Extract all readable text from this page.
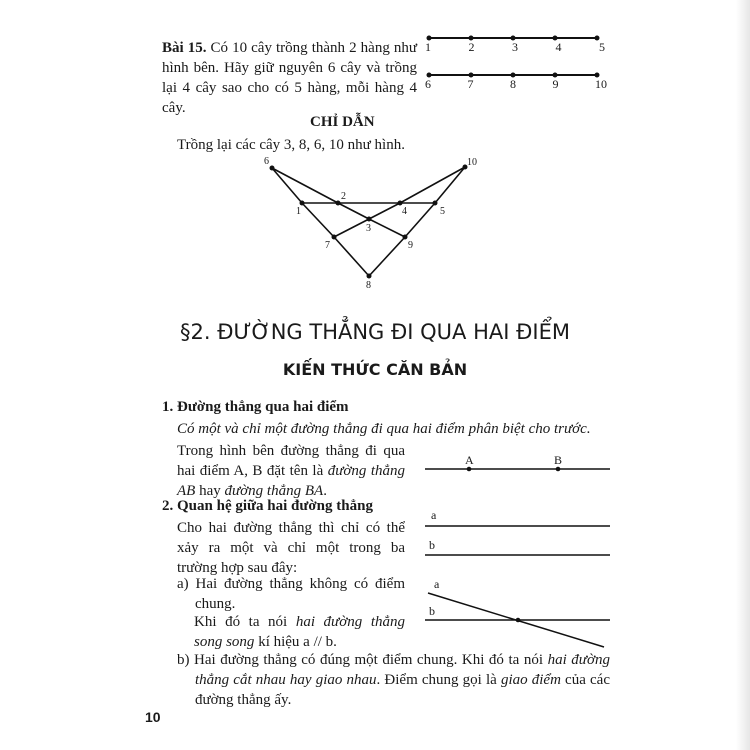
Bài 15. Có 10 cây trồng thành 2 hàng như hình bên. Hãy giữ nguyên 6 cây và trồng lại 4 cây sao cho có 5 hàng, mỗi hàng 4 cây.
1	2	3	4	5
6	7	8	9	10
CHỈ DẪN
Trồng lại các cây 3, 8, 6, 10 như hình.
1
2
3
4	5
6
7
8
9
10
§2. ĐƯỜNG THẲNG ĐI QUA HAI ĐIỂM
KIẾN THỨC CĂN BẢN
1. Đường thẳng qua hai điểm
Có một và chỉ một đường thẳng đi qua hai điểm phân biệt cho trước.
Trong hình bên đường thẳng đi qua hai điểm A, B đặt tên là đường thẳng AB hay đường thẳng BA.
A	B
2. Quan hệ giữa hai đường thẳng
Cho hai đường thẳng thì chỉ có thể xảy ra một và chỉ một trong ba trường hợp sau đây:
a) Hai đường thẳng không có điểm chung.
Khi đó ta nói hai đường thẳng song song kí hiệu a // b.
b) Hai đường thẳng có đúng một điểm chung. Khi đó ta nói hai đường thẳng cắt nhau hay giao nhau. Điểm chung gọi là giao điểm của các đường thẳng ấy.
a
b
a
b
10
